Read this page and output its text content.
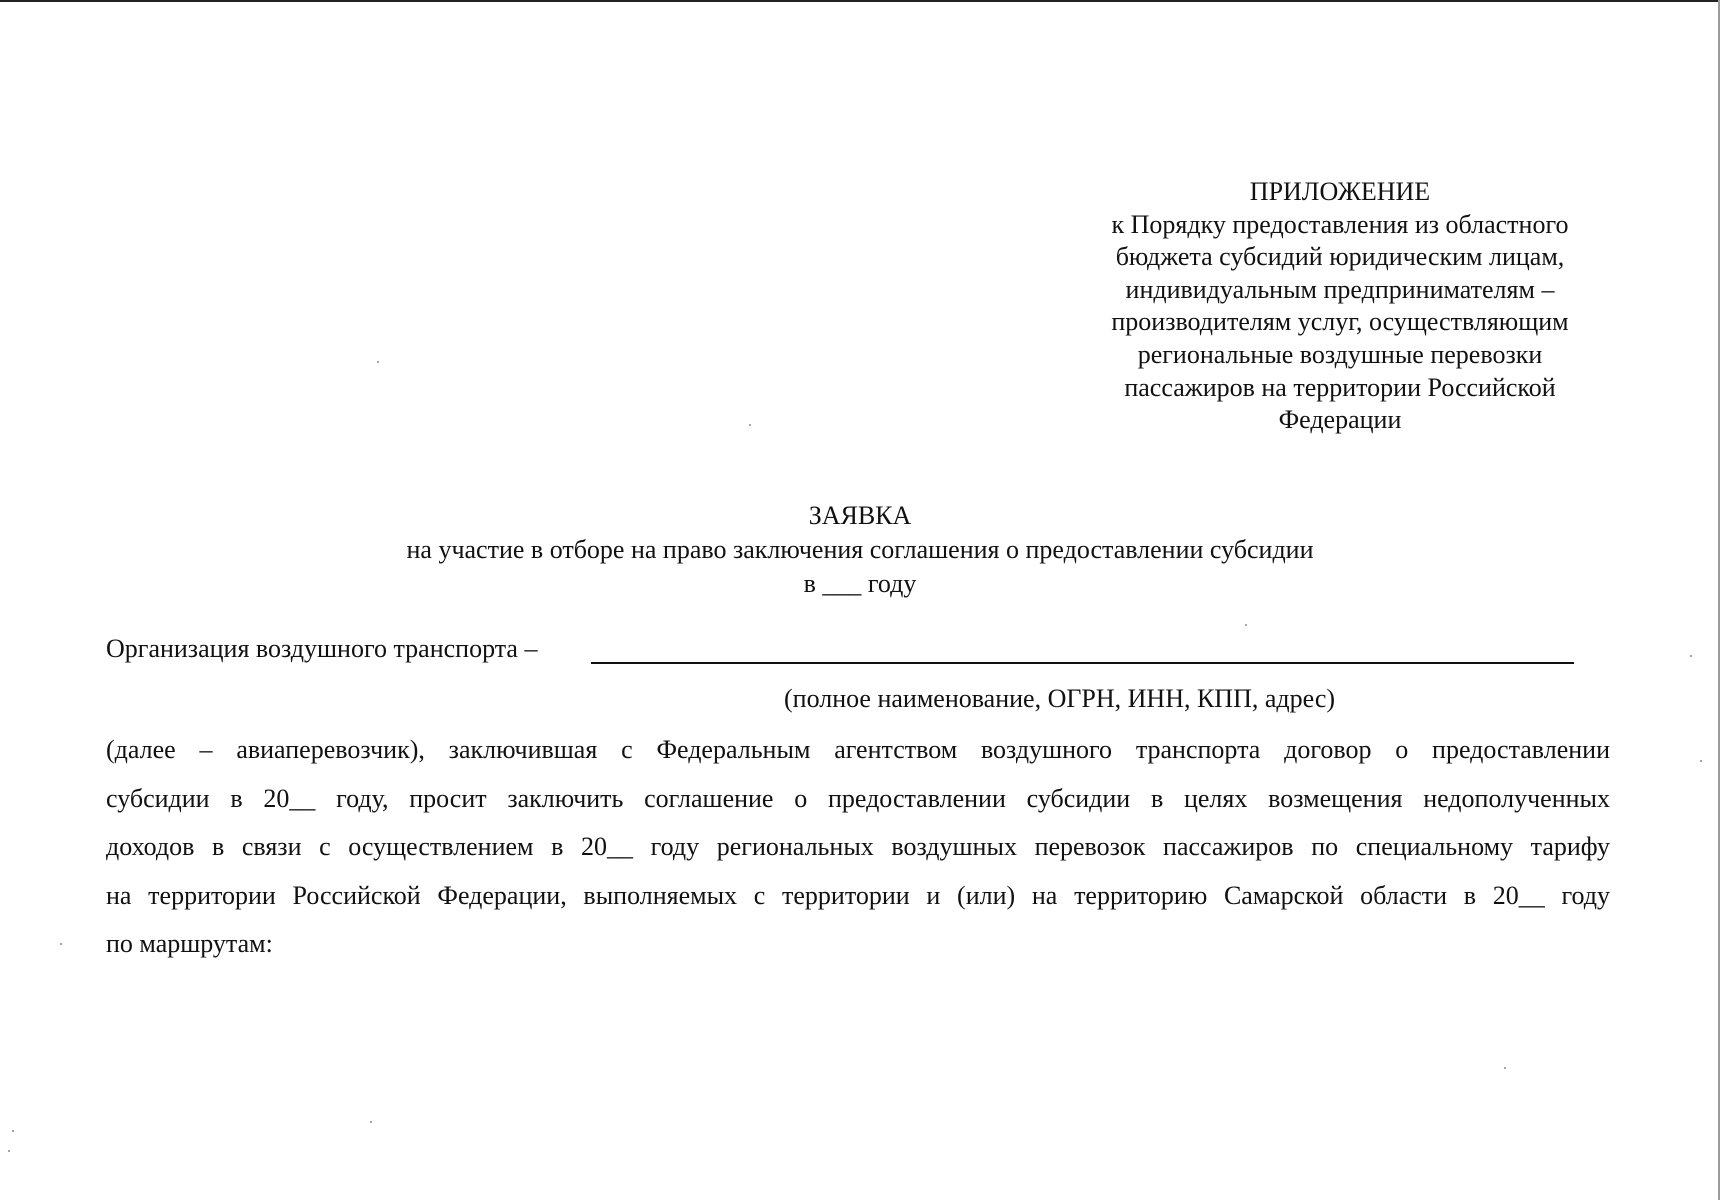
ПРИЛОЖЕНИЕ
к Порядку предоставления из областного
бюджета субсидий юридическим лицам,
индивидуальным предпринимателям –
производителям услуг, осуществляющим
региональные воздушные перевозки
пассажиров на территории Российской
Федерации
ЗАЯВКА
на участие в отборе на право заключения соглашения о предоставлении субсидии
в ___ году
Организация воздушного транспорта –
(полное наименование, ОГРН, ИНН, КПП, адрес)
(далее – авиаперевозчик), заключившая с Федеральным агентством воздушного транспорта договор о предоставлении
субсидии в 20__ году, просит заключить соглашение о предоставлении субсидии в целях возмещения недополученных
доходов в связи с осуществлением в 20__ году региональных воздушных перевозок пассажиров по специальному тарифу
на территории Российской Федерации, выполняемых с территории и (или) на территорию Самарской области в 20__ году
по маршрутам:
